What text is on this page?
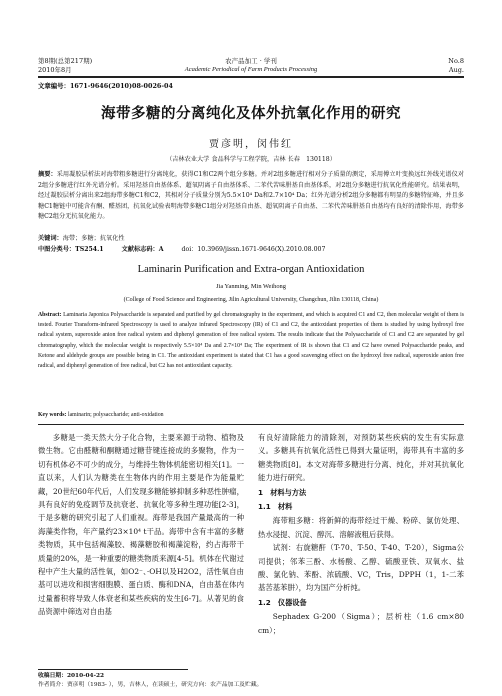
第8期(总第217期)
2010年8月
农产品加工 · 学刊
Academic Periodical of Farm Products Processing
No.8
Aug.
文章编号：1671-9646(2010)08-0026-04
海带多糖的分离纯化及体外抗氧化作用的研究
贾彦明，闵伟红
（吉林农业大学 食品科学与工程学院，吉林 长春　130118）
摘要：采用凝胶层析法对海带粗多糖进行分离纯化，获得C1和C2两个组分多糖。并对2组多糖进行相对分子质量的测定，采用傅立叶变换远红外线光谱仪对2组分多糖进行红外光谱分析。采用羟基自由基体系、超氧阴离子自由基体系、二苯代苦味肼基自由基体系，对2组分多糖进行抗氧化性能研究。结果表明，经过凝胶层析分离出来2组海带多糖C1和C2，其相对分子质量分别为5.5×10⁴ Da和2.7×10⁴ Da；红外光谱分析2组分多糖都有明显的多糖特征峰，并且多糖C1糖链中可能含有酮、醛基团，抗氧化试验表明海带多糖C1组分对羟基自由基、超氧阴离子自由基、二苯代苦味肼基自由基均有良好的清除作用，海带多糖C2组分无抗氧化能力。
关键词：海带；多糖；抗氧化性
中图分类号：TS254.1	文献标志码：A	doi：10.3969/jissn.1671-9646(X).2010.08.007
Laminarin Purification and Extra-organ Antioxidation
Jia Yanming, Min Weihong
(College of Food Science and Engineering, Jilin Agricultural University, Changchun, Jilin 130118, China)
Abstract: Laminaria Japonica Polysaccharide is separated and purified by gel chromatography in the experiment, and which is acquired C1 and C2, then molecular weight of them is tested. Fourier Transform-infrared Spectroscopy is used to analyze infrared Spectroscopy (IR) of C1 and C2, the antioxidant properties of them is studied by using hydroxyl free radical system, superoxide anion free radical system and diphenyl generation of free radical system. The results indicate that the Polysaccharide of C1 and C2 are separated by gel chromatography, which the molecular weight is respectively 5.5×10⁴ Da and 2.7×10⁴ Da; The experiment of IR is shown that C1 and C2 have owned Polysaccharide peaks, and Ketone and aldehyde groups are possible being in C1. The antioxidant experiment is stated that C1 has a good scavenging effect on the hydroxyl free radical, superoxide anion free radical, and diphenyl generation of free radical, but C2 has not antioxidant capacity.
Key words: laminarin; polysaccharide; anti-oxidation

多糖是一类天然大分子化合物，主要来源于动物、植物及微生物。它由醛糖和酮糖通过糖苷键连接成的多聚物，作为一切有机体必不可少的成分，与维持生物体机能密切相关[1]。一直以来，人们认为糖类在生物体内的作用主要是作为能量贮藏，20世纪60年代后，人们发现多糖能够抑制多种恶性肿瘤，具有良好的免疫调节及抗衰老、抗氧化等多种生理功能[2-3]，于是多糖的研究引起了人们重视。海带是我国产量最高的一种海藻类作物，年产量约23×10⁴ t干品。海带中含有丰富的多糖类物质，其中包括褐藻胶、褐藻糖胶和褐藻淀粉，约占海带干质量的20%，是一种重要的糖类物质来源[4-5]。机体在代谢过程中产生大量的活性氧，如O2⁻、·OH以及H2O2，活性氧自由基可以进攻和损害细胞膜、蛋白质、酶和DNA，自由基在体内过量蓄积将导致人体衰老和某些疾病的发生[6-7]。从著见的食品资源中筛选对自由基

有良好清除能力的清除剂，对预防某些疾病的发生有实际意义。多糖具有抗氧化活性已得到大量证明，海带具有丰富的多糖类物质[8]。本文对海带多糖进行分离、纯化，并对其抗氧化能力进行研究。

1　材料与方法

1.1　材料

海带粗多糖：将新鲜的海带经过干燥、粉碎、氯仿处理、热水浸提、沉淀、醇沉、溶解液粗后获得。

试剂：右旋糖酐（T-70、T-50、T-40、T-20），Sigma公司提供；邻苯三酚、水杨酸、乙醇、硫酸亚铁、双氧水、盐酸、氯化钠、苯酚、浓硫酸、VC，Tris，DPPH（1，1-二苯基苦基苯肼），均为国产分析纯。

1.2　仪器设备

Sephadex G-200（Sigma）；层析柱（1.6 cm×80 cm）；

收稿日期：2010-04-22
作者简介：贾彦明（1983- ），男，吉林人，在读硕士，研究方向：农产品加工及贮藏。
